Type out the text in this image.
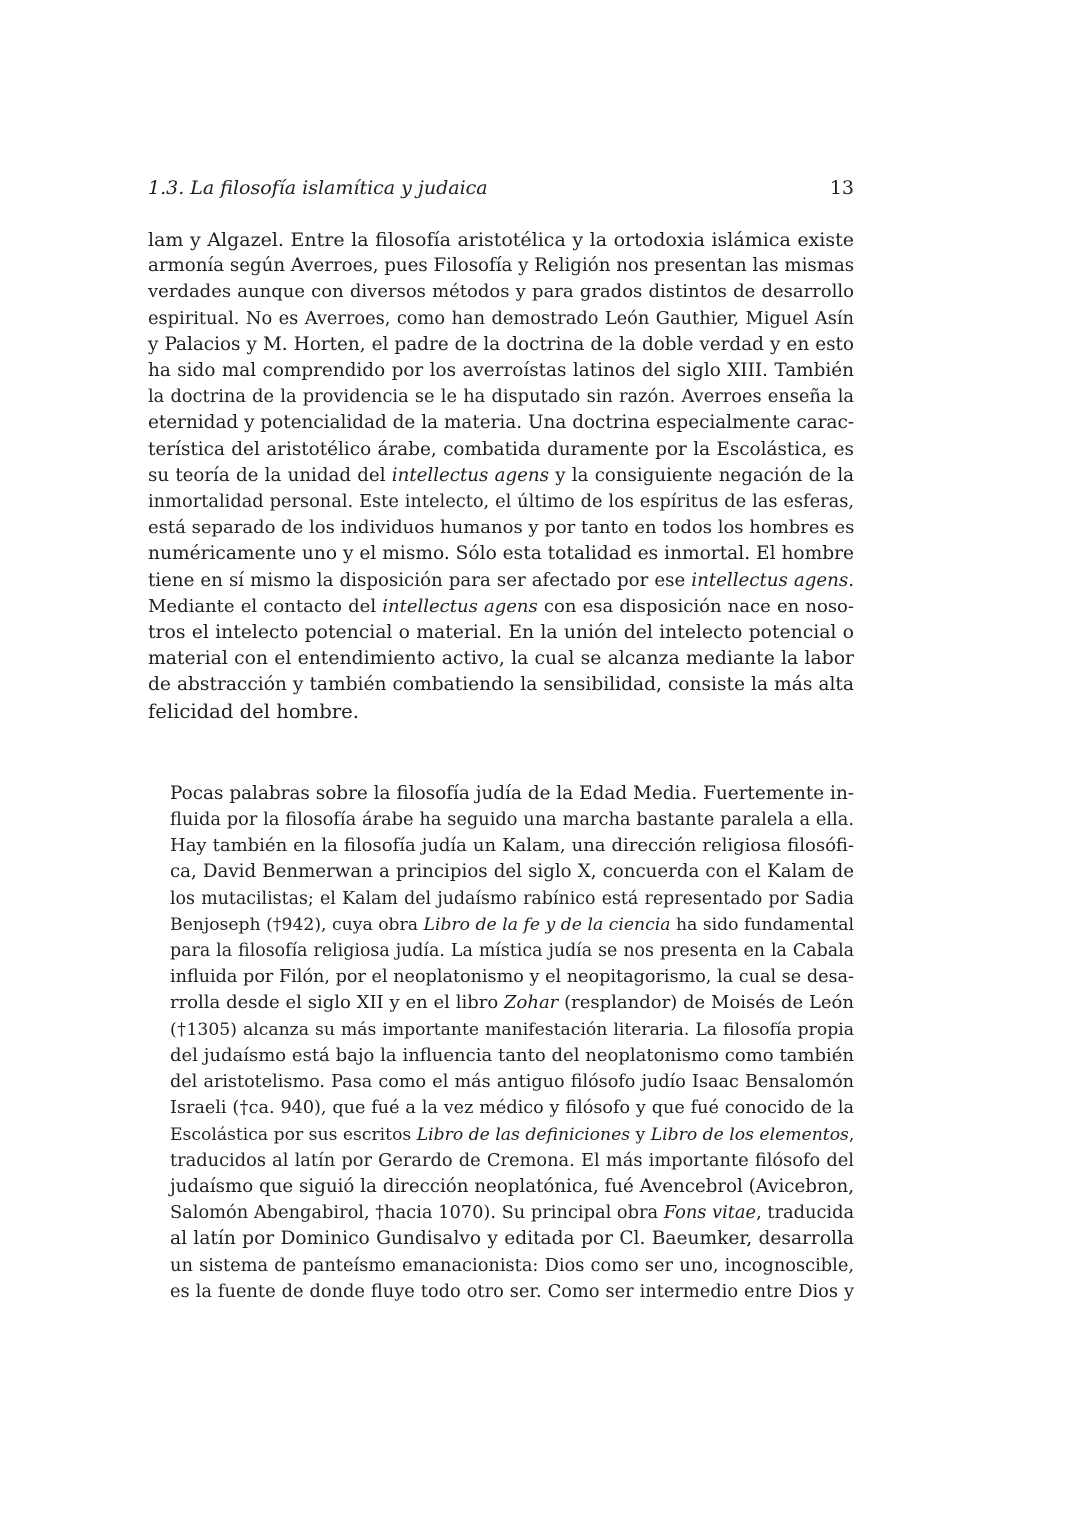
1.3. La filosofía islamítica y judaica	13
lam y Algazel. Entre la filosofía aristotélica y la ortodoxia islámica existe
armonía según Averroes, pues Filosofía y Religión nos presentan las mismas
verdades aunque con diversos métodos y para grados distintos de desarrollo
espiritual. No es Averroes, como han demostrado León Gauthier, Miguel Asín
y Palacios y M. Horten, el padre de la doctrina de la doble verdad y en esto
ha sido mal comprendido por los averroístas latinos del siglo XIII. También
la doctrina de la providencia se le ha disputado sin razón. Averroes enseña la
eternidad y potencialidad de la materia. Una doctrina especialmente carac-
terística del aristotélico árabe, combatida duramente por la Escolástica, es
su teoría de la unidad del intellectus agens y la consiguiente negación de la
inmortalidad personal. Este intelecto, el último de los espíritus de las esferas,
está separado de los individuos humanos y por tanto en todos los hombres es
numéricamente uno y el mismo. Sólo esta totalidad es inmortal. El hombre
tiene en sí mismo la disposición para ser afectado por ese intellectus agens.
Mediante el contacto del intellectus agens con esa disposición nace en noso-
tros el intelecto potencial o material. En la unión del intelecto potencial o
material con el entendimiento activo, la cual se alcanza mediante la labor
de abstracción y también combatiendo la sensibilidad, consiste la más alta
felicidad del hombre.
Pocas palabras sobre la filosofía judía de la Edad Media. Fuertemente in-
fluida por la filosofía árabe ha seguido una marcha bastante paralela a ella.
Hay también en la filosofía judía un Kalam, una dirección religiosa filosófi-
ca, David Benmerwan a principios del siglo X, concuerda con el Kalam de
los mutacilistas; el Kalam del judaísmo rabínico está representado por Sadia
Benjoseph (†942), cuya obra Libro de la fe y de la ciencia ha sido fundamental
para la filosofía religiosa judía. La mística judía se nos presenta en la Cabala
influida por Filón, por el neoplatonismo y el neopitagorismo, la cual se desa-
rrolla desde el siglo XII y en el libro Zohar (resplandor) de Moisés de León
(†1305) alcanza su más importante manifestación literaria. La filosofía propia
del judaísmo está bajo la influencia tanto del neoplatonismo como también
del aristotelismo. Pasa como el más antiguo filósofo judío Isaac Bensalomón
Israeli (†ca. 940), que fué a la vez médico y filósofo y que fué conocido de la
Escolástica por sus escritos Libro de las definiciones y Libro de los elementos,
traducidos al latín por Gerardo de Cremona. El más importante filósofo del
judaísmo que siguió la dirección neoplatónica, fué Avencebrol (Avicebron,
Salomón Abengabirol, †hacia 1070). Su principal obra Fons vitae, traducida
al latín por Dominico Gundisalvo y editada por Cl. Baeumker, desarrolla
un sistema de panteísmo emanacionista: Dios como ser uno, incognoscible,
es la fuente de donde fluye todo otro ser. Como ser intermedio entre Dios y
